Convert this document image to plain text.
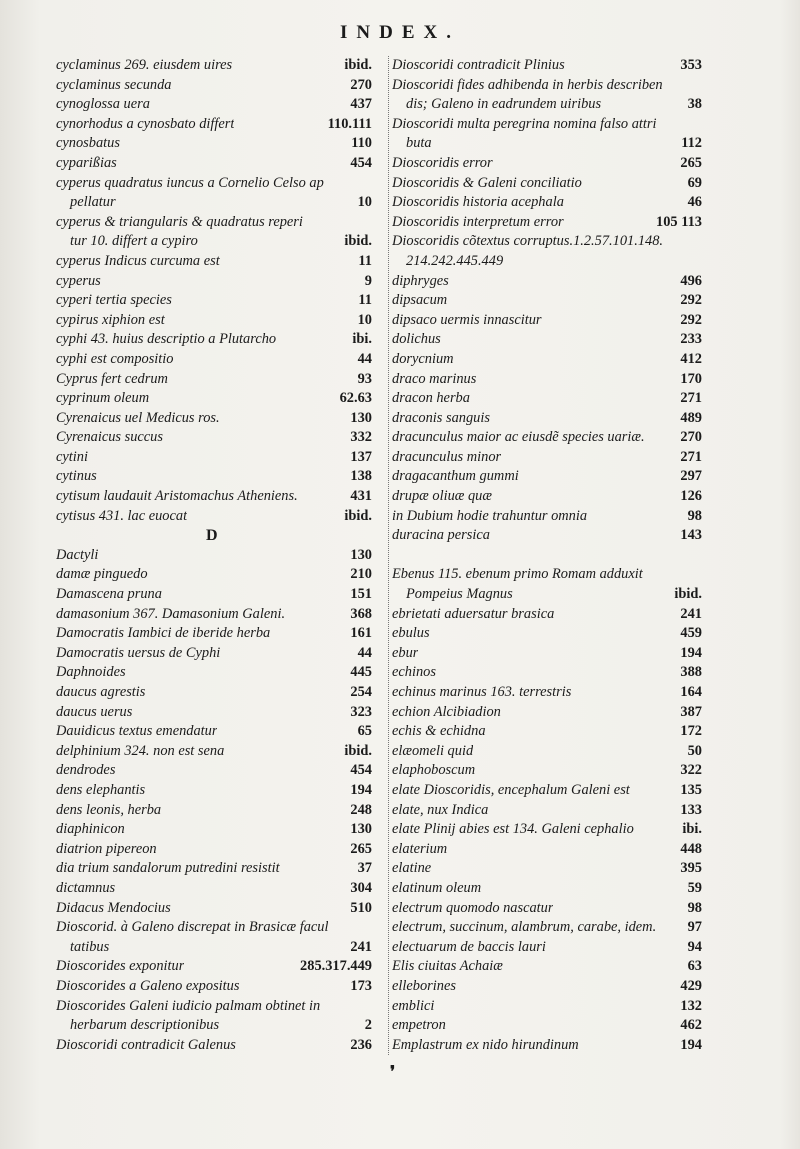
INDEX.
cyclaminus 269. eiusdem uires	ibid.
cyclaminus secunda	270
cynoglossa uera	437
cynorhodus a cynosbato differt	110.111
cynosbatus	110
cyparißias	454
cyperus quadratus iuncus a Cornelio Celso ap
pellatur	10
cyperus & triangularis & quadratus reperi
tur 10. differt a cypiro	ibid.
cyperus Indicus curcuma est	11
cyperus	9
cyperi tertia species	11
cypirus xiphion est	10
cyphi 43. huius descriptio a Plutarcho	ibi.
cyphi est compositio	44
Cyprus fert cedrum	93
cyprinum oleum	62.63
Cyrenaicus uel Medicus ros.	130
Cyrenaicus succus	332
cytini	137
cytinus	138
cytisum laudauit Aristomachus Atheniens.	431
cytisus 431. lac euocat	ibid.
D
Dactyli	130
damæ pinguedo	210
Damascena pruna	151
damasonium 367. Damasonium Galeni.	368
Damocratis Iambici de iberide herba	161
Damocratis uersus de Cyphi	44
Daphnoides	445
daucus agrestis	254
daucus uerus	323
Dauidicus textus emendatur	65
delphinium 324. non est sena	ibid.
dendrodes	454
dens elephantis	194
dens leonis, herba	248
diaphinicon	130
diatrion pipereon	265
dia trium sandalorum putredini resistit	37
dictamnus	304
Didacus Mendocius	510
Dioscorid. à Galeno discrepat in Brasicæ facul
tatibus	241
Dioscorides exponitur	285.317.449
Dioscorides a Galeno expositus	173
Dioscorides Galeni iudicio palmam obtinet in
herbarum descriptionibus	2
Dioscoridi contradicit Galenus	236
Dioscoridi contradicit Plinius	353
Dioscoridi fides adhibenda in herbis describen
dis; Galeno in eadrundem uiribus	38
Dioscoridi multa peregrina nomina falso attri
buta	112
Dioscoridis error	265
Dioscoridis & Galeni conciliatio	69
Dioscoridis historia acephala	46
Dioscoridis interpretum error	105 113
Dioscoridis cõtextus corruptus.1.2.57.101.148.
214.242.445.449
diphryges	496
dipsacum	292
dipsaco uermis innascitur	292
dolichus	233
dorycnium	412
draco marinus	170
dracon herba	271
draconis sanguis	489
dracunculus maior ac eiusdẽ species uariæ.	270
dracunculus minor	271
dragacanthum gummi	297
drupæ oliuæ quæ	126
in Dubium hodie trahuntur omnia	98
duracina persica	143
Ebenus 115. ebenum primo Romam adduxit
Pompeius Magnus	ibid.
ebrietati aduersatur brasica	241
ebulus	459
ebur	194
echinos	388
echinus marinus 163. terrestris	164
echion Alcibiadion	387
echis & echidna	172
elæomeli quid	50
elaphoboscum	322
elate Dioscoridis, encephalum Galeni est	135
elate, nux Indica	133
elate Plinij abies est 134. Galeni cephalio	ibi.
elaterium	448
elatine	395
elatinum oleum	59
electrum quomodo nascatur	98
electrum, succinum, alambrum, carabe, idem.	97
electuarum de baccis lauri	94
Elis ciuitas Achaiæ	63
elleborines	429
emblici	132
empetron	462
Emplastrum ex nido hirundinum	194
❜
